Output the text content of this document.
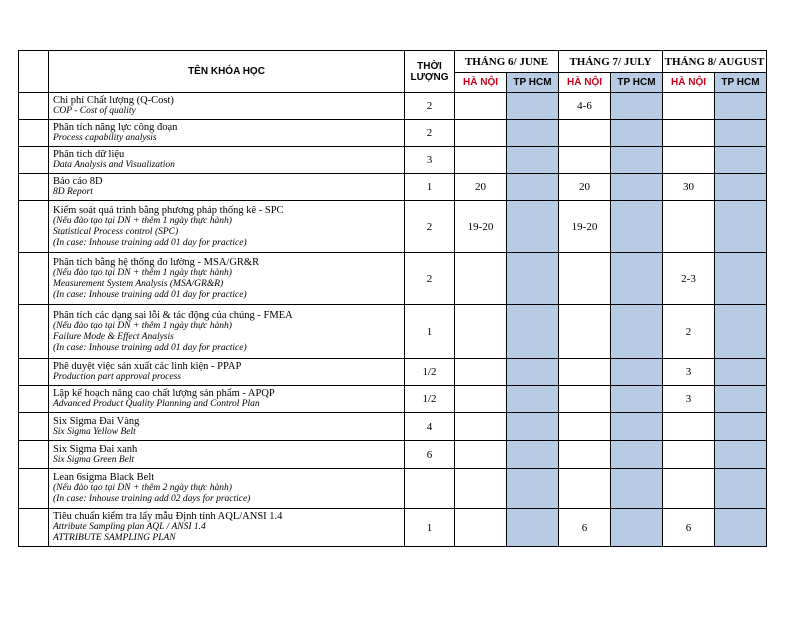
	TÊN KHÓA HỌC	THỜI
LƯỢNG	THÁNG 6/ JUNE		THÁNG 7/ JULY		THÁNG 8/ AUGUST	
			HÀ NỘI	TP HCM	HÀ NỘI	TP HCM	HÀ NỘI	TP HCM

	Chi phí Chất lượng (Q-Cost)
COP - Cost of quality	2			4-6			

	Phân tích năng lực công đoạn
Process capability analysis	2						

	Phân tích dữ liệu
Data Analysis and Visualization	3						

	Báo cáo 8D
8D Report	1	20		20		30	

	Kiểm soát quá trình bằng phương pháp thống kê - SPC
(Nếu đào tạo tại DN + thêm 1 ngày thực hành)
Statistical Process control (SPC)
(In case: Inhouse training add 01 day for practice)	2	19-20		19-20			

	Phân tích bằng hệ thống đo lường - MSA/GR&R
(Nếu đào tạo tại DN + thêm 1 ngày thực hành)
Measurement System Analysis (MSA/GR&R)
(In case: Inhouse training add 01 day for practice)	2					2-3	

	Phân tích các dạng sai lỗi & tác động của chúng - FMEA
(Nếu đào tạo tại DN + thêm 1 ngày thực hành)
Failure Mode & Effect Analysis
(In case: Inhouse training add 01 day for practice)	1					2	

	Phê duyệt việc sản xuất các linh kiện - PPAP
Production part approval process	1/2					3	

	Lập kế hoạch nâng cao chất lượng sản phẩm - APQP
Advanced Product Quality Planning and Control Plan	1/2					3	

	Six Sigma Đai Vàng
Six Sigma Yellow Belt	4						

	Six Sigma Đai xanh
Six Sigma Green Belt	6						

	Lean 6sigma Black Belt
(Nếu đào tạo tại DN + thêm 2 ngày thực hành)
(In case: Inhouse training add 02 days for practice)							

	Tiêu chuẩn kiểm tra lấy mẫu Định tính AQL/ANSI 1.4
Attribute Sampling plan AQL / ANSI 1.4
ATTRIBUTE SAMPLING PLAN	1			6		6	
